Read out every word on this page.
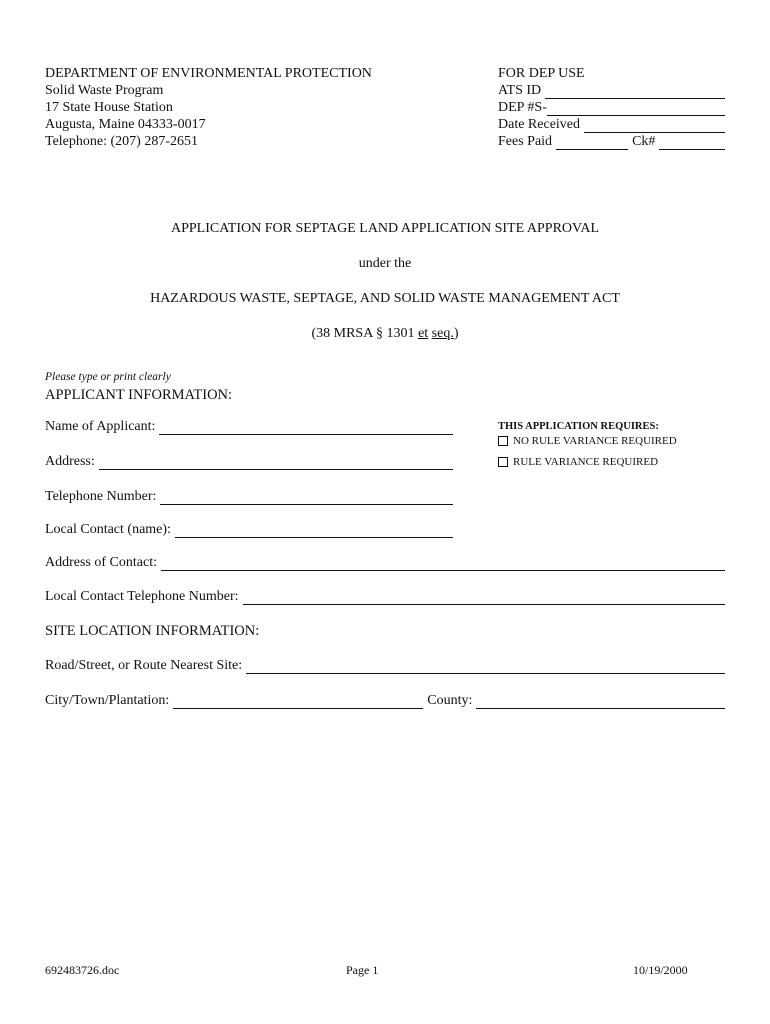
DEPARTMENT OF ENVIRONMENTAL PROTECTION
Solid Waste Program
17 State House Station
Augusta, Maine 04333-0017
Telephone: (207) 287-2651
FOR DEP USE
ATS ID
DEP #S-
Date Received
Fees Paid	Ck#
APPLICATION FOR SEPTAGE LAND APPLICATION SITE APPROVAL
under the
HAZARDOUS WASTE, SEPTAGE, AND SOLID WASTE MANAGEMENT ACT
(38 MRSA § 1301 et seq.)
Please type or print clearly
APPLICANT INFORMATION:
Name of Applicant:
Address:
Telephone Number:
Local Contact (name):
Address of Contact:
Local Contact Telephone Number:
THIS APPLICATION REQUIRES:
NO RULE VARIANCE REQUIRED
RULE VARIANCE REQUIRED
SITE LOCATION INFORMATION:
Road/Street, or Route Nearest Site:
City/Town/Plantation:	County:
692483726.doc	Page 1	10/19/2000
